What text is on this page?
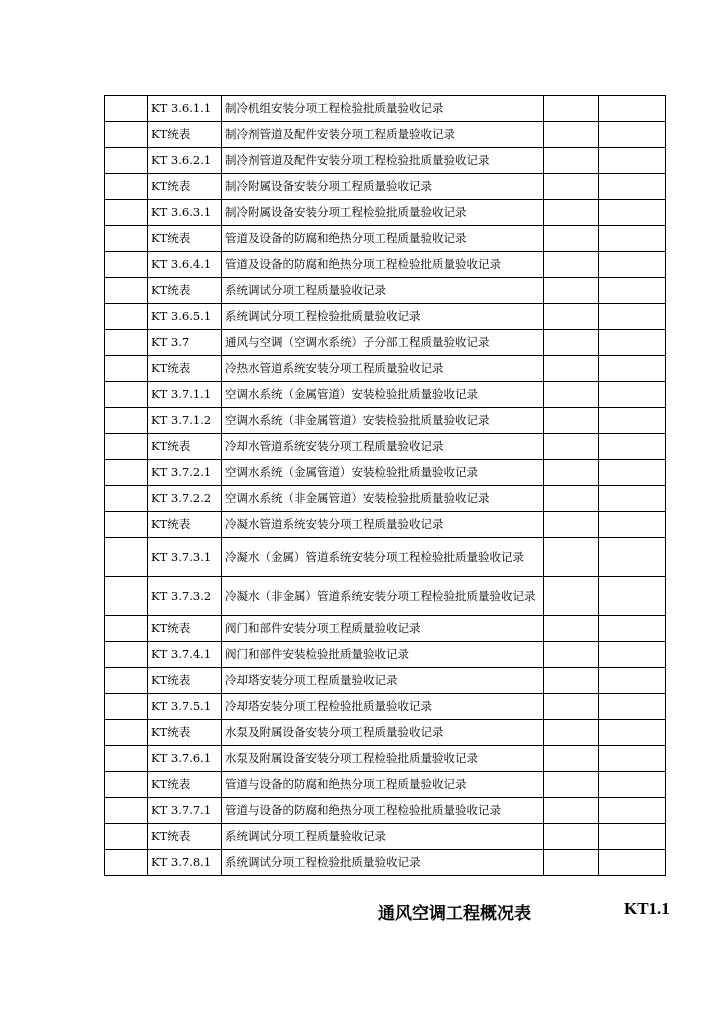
	KT 3.6.1.1	制冷机组安装分项工程检验批质量验收记录		
	KT统表	制冷剂管道及配件安装分项工程质量验收记录		
	KT 3.6.2.1	制冷剂管道及配件安装分项工程检验批质量验收记录		
	KT统表	制冷附属设备安装分项工程质量验收记录		
	KT 3.6.3.1	制冷附属设备安装分项工程检验批质量验收记录		
	KT统表	管道及设备的防腐和绝热分项工程质量验收记录		
	KT 3.6.4.1	管道及设备的防腐和绝热分项工程检验批质量验收记录		
	KT统表	系统调试分项工程质量验收记录		
	KT 3.6.5.1	系统调试分项工程检验批质量验收记录		
	KT 3.7	通风与空调（空调水系统）子分部工程质量验收记录		
	KT统表	冷热水管道系统安装分项工程质量验收记录		
	KT 3.7.1.1	空调水系统（金属管道）安装检验批质量验收记录		
	KT 3.7.1.2	空调水系统（非金属管道）安装检验批质量验收记录		
	KT统表	冷却水管道系统安装分项工程质量验收记录		
	KT 3.7.2.1	空调水系统（金属管道）安装检验批质量验收记录		
	KT 3.7.2.2	空调水系统（非金属管道）安装检验批质量验收记录		
	KT统表	冷凝水管道系统安装分项工程质量验收记录		
	KT 3.7.3.1	冷凝水（金属）管道系统安装分项工程检验批质量验收记录		
	KT 3.7.3.2	冷凝水（非金属）管道系统安装分项工程检验批质量验收记录		
	KT统表	阀门和部件安装分项工程质量验收记录		
	KT 3.7.4.1	阀门和部件安装检验批质量验收记录		
	KT统表	冷却塔安装分项工程质量验收记录		
	KT 3.7.5.1	冷却塔安装分项工程检验批质量验收记录		
	KT统表	水泵及附属设备安装分项工程质量验收记录		
	KT 3.7.6.1	水泵及附属设备安装分项工程检验批质量验收记录		
	KT统表	管道与设备的防腐和绝热分项工程质量验收记录		
	KT 3.7.7.1	管道与设备的防腐和绝热分项工程检验批质量验收记录		
	KT统表	系统调试分项工程质量验收记录		
	KT 3.7.8.1	系统调试分项工程检验批质量验收记录		
通风空调工程概况表	KT1.1
